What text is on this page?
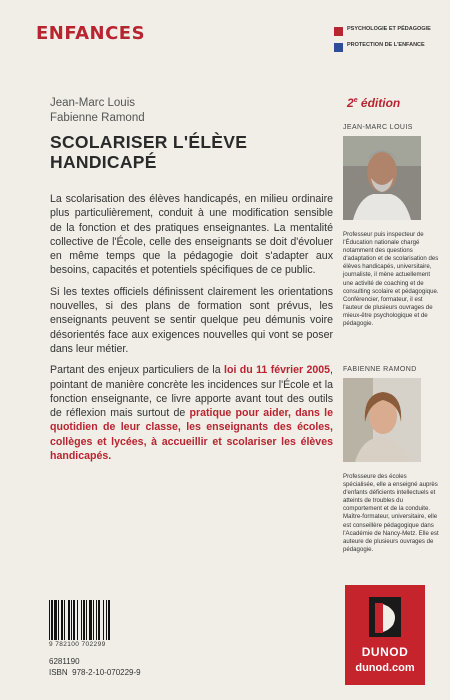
ENFANCES	PSYCHOLOGIE ET PÉDAGOGIE
PROTECTION DE L'ENFANCE
Jean-Marc Louis
Fabienne Ramond
2e édition
SCOLARISER L'ÉLÈVE HANDICAPÉ

La scolarisation des élèves handicapés, en milieu ordinaire plus particulièrement, conduit à une modification sensible de la fonction et des pratiques enseignantes. La mentalité collective de l'École, celle des enseignants se doit d'évoluer en même temps que la pédagogie doit s'adapter aux besoins, capacités et potentiels spécifiques de ce public.

Si les textes officiels définissent clairement les orientations nouvelles, si des plans de formation sont prévus, les enseignants peuvent se sentir quelque peu démunis voire désorientés face aux exigences nouvelles qui vont se poser dans leur métier.

Partant des enjeux particuliers de la loi du 11 février 2005, pointant de manière concrète les incidences sur l'École et la fonction enseignante, ce livre apporte avant tout des outils de réflexion mais surtout de pratique pour aider, dans le quotidien de leur classe, les enseignants des écoles, collèges et lycées, à accueillir et scolariser les élèves handicapés.

JEAN-MARC LOUIS
Professeur puis inspecteur de l'Éducation nationale chargé notamment des questions d'adaptation et de scolarisation des élèves handicapés, universitaire, journaliste, il mène actuellement une activité de coaching et de consulting scolaire et pédagogique. Conférencier, formateur, il est l'auteur de plusieurs ouvrages de mieux-être psychologique et de pédagogie.
FABIENNE RAMOND
Professeure des écoles spécialisée, elle a enseigné auprès d'enfants déficients intellectuels et atteints de troubles du comportement et de la conduite. Maître-formateur, universitaire, elle est conseillère pédagogique dans l'Académie de Nancy-Metz. Elle est auteure de plusieurs ouvrages de pédagogie.
9 782100 702299
6281190
ISBN 978-2-10-070229-9
DUNOD
dunod.com
